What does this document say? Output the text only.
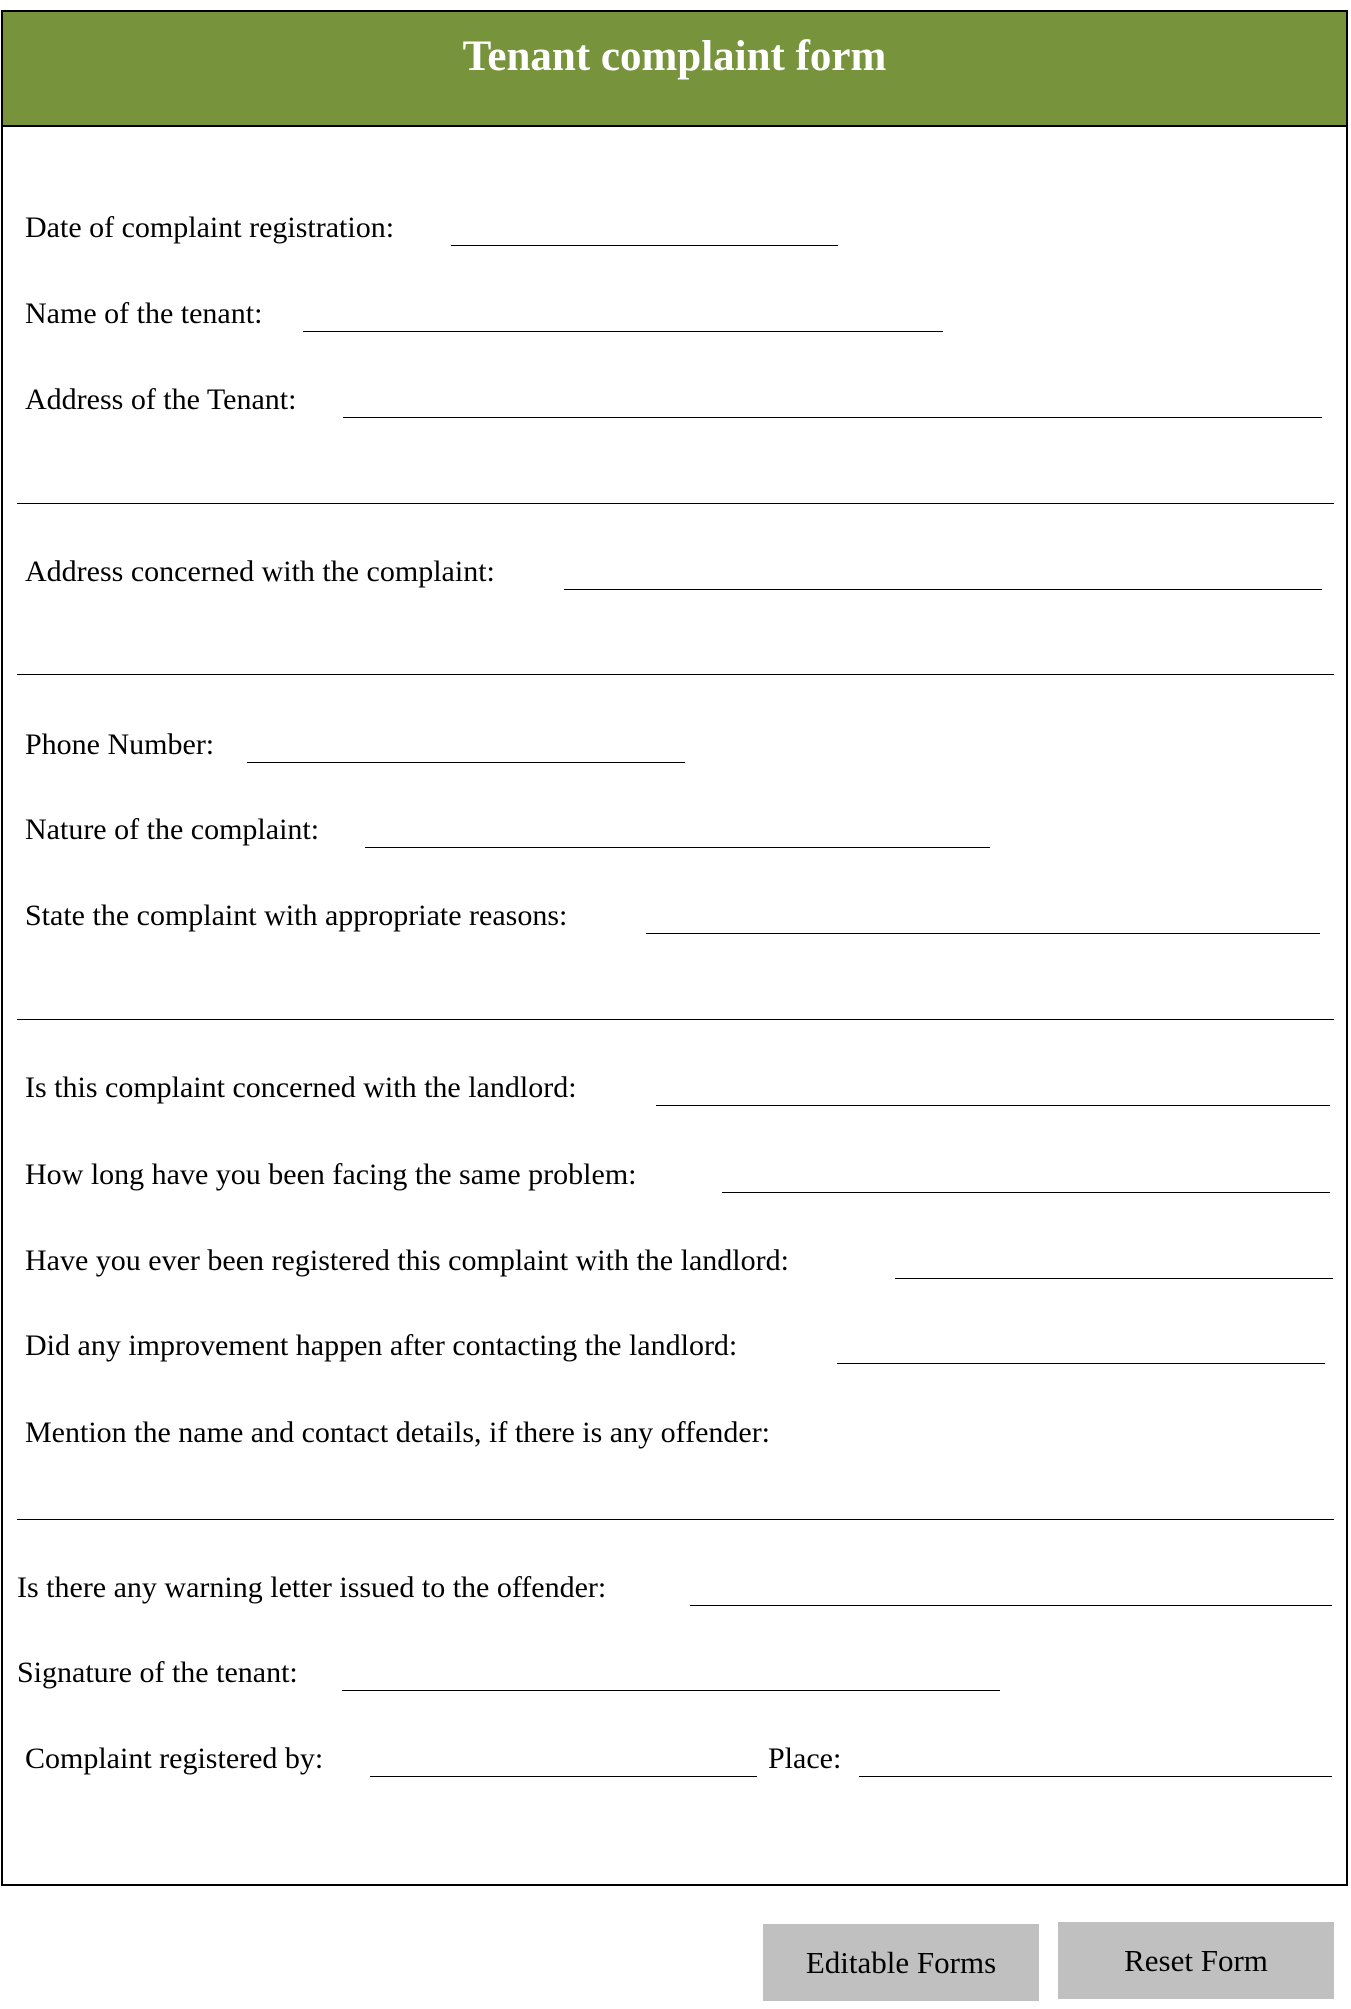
Tenant complaint form
Date of complaint registration:
Name of the tenant:
Address of the Tenant:
Address concerned with the complaint:
Phone Number:
Nature of the complaint:
State the complaint with appropriate reasons:
Is this complaint concerned with the landlord:
How long have you been facing the same problem:
Have you ever been registered this complaint with the landlord:
Did any improvement happen after contacting the landlord:
Mention the name and contact details, if there is any offender:
Is there any warning letter issued to the offender:
Signature of the tenant:
Complaint registered by:	Place:
Editable Forms	Reset Form
